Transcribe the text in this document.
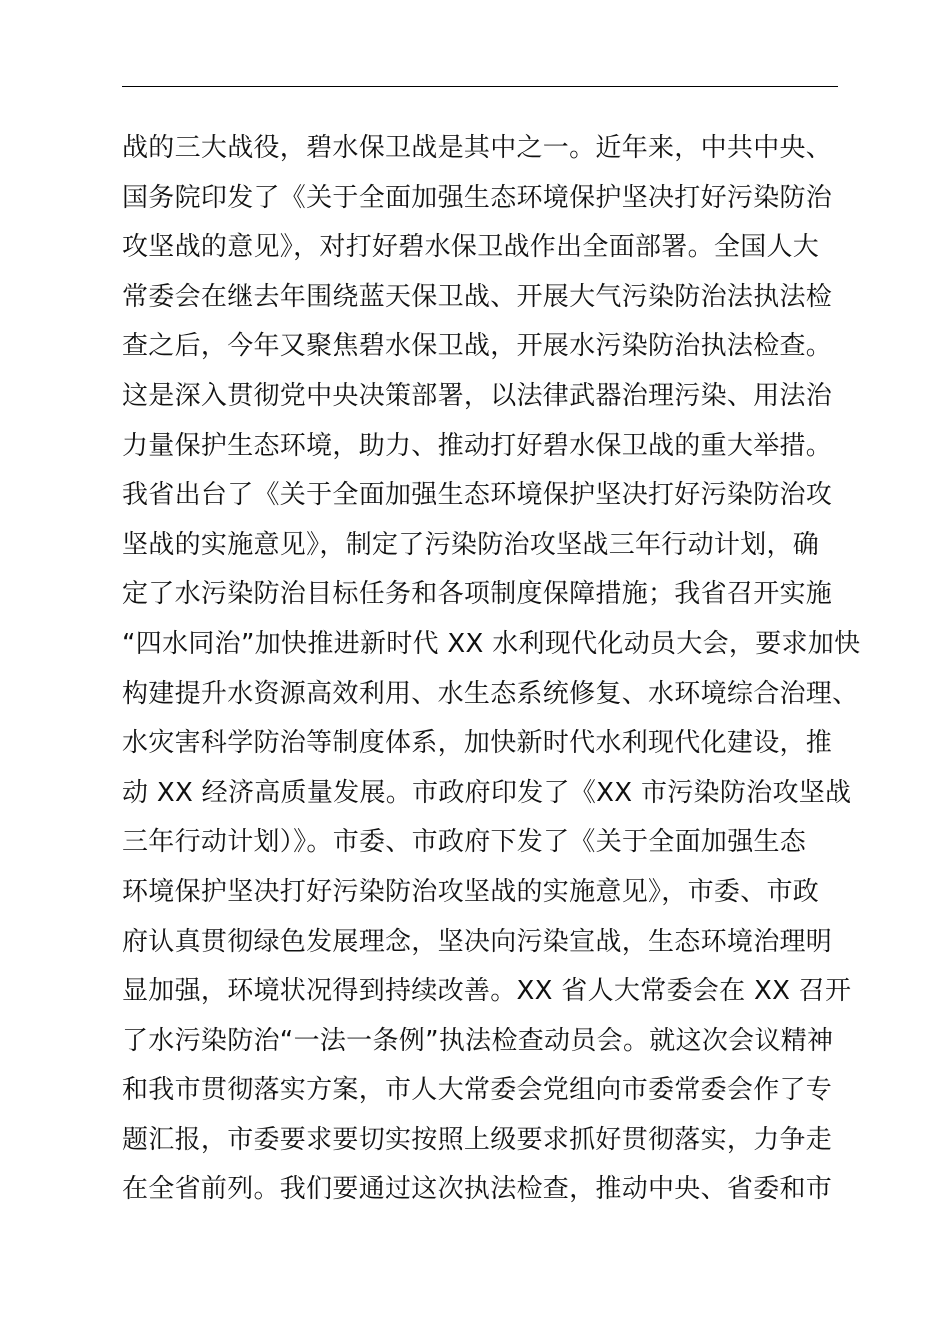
战的三大战役，碧水保卫战是其中之一。近年来，中共中央、
国务院印发了《关于全面加强生态环境保护坚决打好污染防治
攻坚战的意见》，对打好碧水保卫战作出全面部署。全国人大
常委会在继去年围绕蓝天保卫战、开展大气污染防治法执法检
查之后，今年又聚焦碧水保卫战，开展水污染防治执法检查。
这是深入贯彻党中央决策部署，以法律武器治理污染、用法治
力量保护生态环境，助力、推动打好碧水保卫战的重大举措。
我省出台了《关于全面加强生态环境保护坚决打好污染防治攻
坚战的实施意见》，制定了污染防治攻坚战三年行动计划，确
定了水污染防治目标任务和各项制度保障措施；我省召开实施
“四水同治”加快推进新时代 XX 水利现代化动员大会，要求加快
构建提升水资源高效利用、水生态系统修复、水环境综合治理、
水灾害科学防治等制度体系，加快新时代水利现代化建设，推
动 XX 经济高质量发展。市政府印发了《XX 市污染防治攻坚战
三年行动计划）》。市委、市政府下发了《关于全面加强生态
环境保护坚决打好污染防治攻坚战的实施意见》，市委、市政
府认真贯彻绿色发展理念，坚决向污染宣战，生态环境治理明
显加强，环境状况得到持续改善。XX 省人大常委会在 XX 召开
了水污染防治“一法一条例”执法检查动员会。就这次会议精神
和我市贯彻落实方案，市人大常委会党组向市委常委会作了专
题汇报，市委要求要切实按照上级要求抓好贯彻落实，力争走
在全省前列。我们要通过这次执法检查，推动中央、省委和市
